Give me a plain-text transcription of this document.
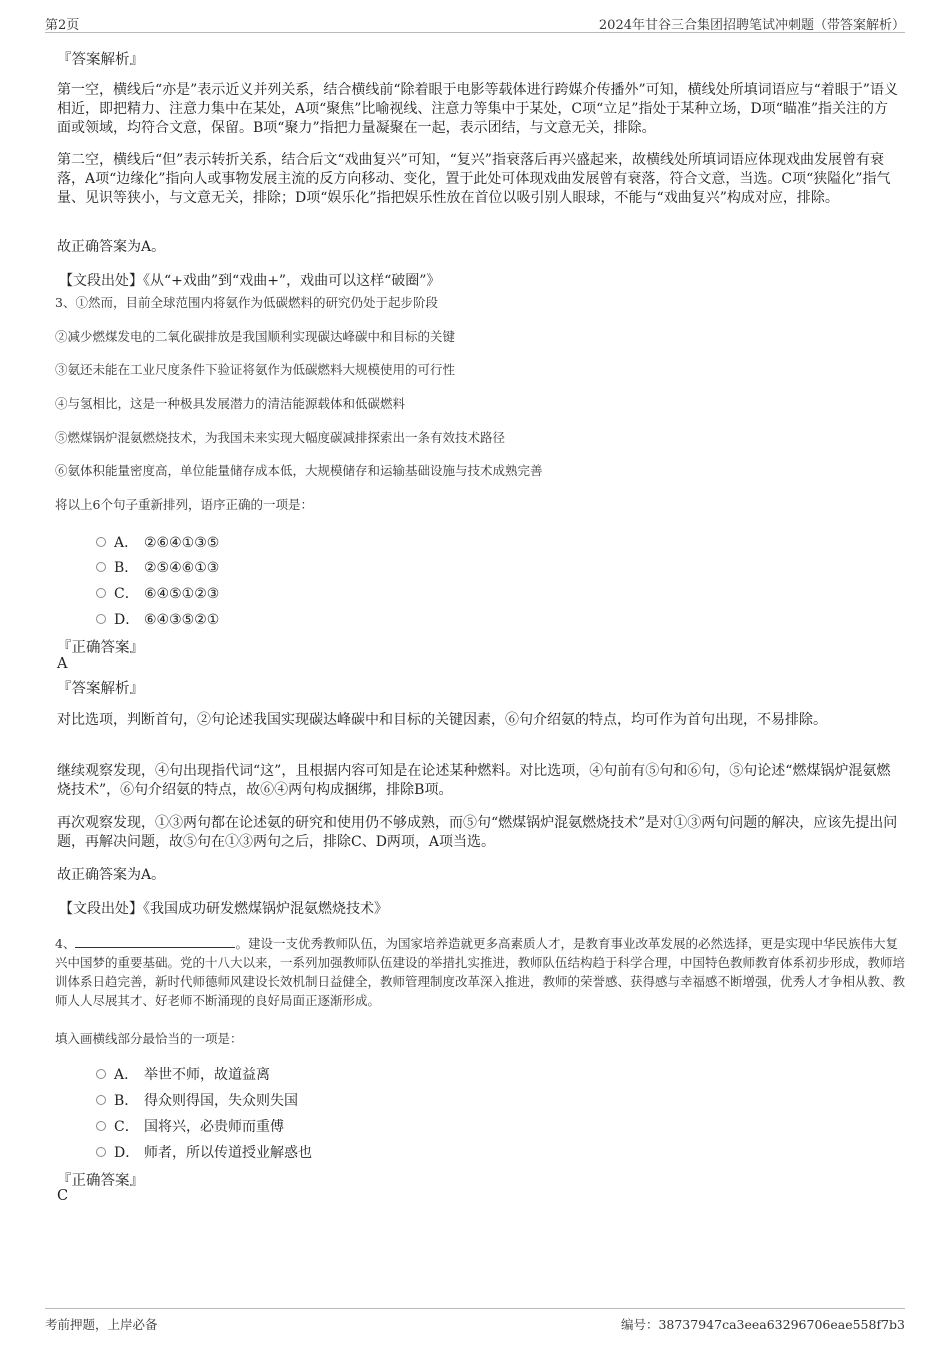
第2页	2024年甘谷三合集团招聘笔试冲刺题（带答案解析）
『答案解析』
第一空，横线后“亦是”表示近义并列关系，结合横线前“除着眼于电影等载体进行跨媒介传播外”可知，横线处所填词语应与“着眼于”语义相近，即把精力、注意力集中在某处，A项“聚焦”比喻视线、注意力等集中于某处，C项“立足”指处于某种立场，D项“瞄准”指关注的方面或领域，均符合文意，保留。B项“聚力”指把力量凝聚在一起，表示团结，与文意无关，排除。
第二空，横线后“但”表示转折关系，结合后文“戏曲复兴”可知，“复兴”指衰落后再兴盛起来，故横线处所填词语应体现戏曲发展曾有衰落，A项“边缘化”指向人或事物发展主流的反方向移动、变化，置于此处可体现戏曲发展曾有衰落，符合文意，当选。C项“狭隘化”指气量、见识等狭小，与文意无关，排除；D项“娱乐化”指把娱乐性放在首位以吸引别人眼球，不能与“戏曲复兴”构成对应，排除。
故正确答案为A。
【文段出处】《从“+戏曲”到“戏曲+”，戏曲可以这样“破圈”》
3、①然而，目前全球范围内将氨作为低碳燃料的研究仍处于起步阶段
②减少燃煤发电的二氧化碳排放是我国顺利实现碳达峰碳中和目标的关键
③氨还未能在工业尺度条件下验证将氨作为低碳燃料大规模使用的可行性
④与氢相比，这是一种极具发展潜力的清洁能源载体和低碳燃料
⑤燃煤锅炉混氨燃烧技术，为我国未来实现大幅度碳减排探索出一条有效技术路径
⑥氨体积能量密度高，单位能量储存成本低，大规模储存和运输基础设施与技术成熟完善
将以上6个句子重新排列，语序正确的一项是：
A． ②⑥④①③⑤
B． ②⑤④⑥①③
C． ⑥④⑤①②③
D． ⑥④③⑤②①
『正确答案』
A
『答案解析』
对比选项，判断首句，②句论述我国实现碳达峰碳中和目标的关键因素，⑥句介绍氨的特点，均可作为首句出现，不易排除。
继续观察发现，④句出现指代词“这”，且根据内容可知是在论述某种燃料。对比选项，④句前有⑤句和⑥句，⑤句论述“燃煤锅炉混氨燃烧技术”，⑥句介绍氨的特点，故⑥④两句构成捆绑，排除B项。
再次观察发现，①③两句都在论述氨的研究和使用仍不够成熟，而⑤句“燃煤锅炉混氨燃烧技术”是对①③两句问题的解决，应该先提出问题，再解决问题，故⑤句在①③两句之后，排除C、D两项，A项当选。
故正确答案为A。
【文段出处】《我国成功研发燃煤锅炉混氨燃烧技术》
4、	。建设一支优秀教师队伍，为国家培养造就更多高素质人才，是教育事业改革发展的必然选择，更是实现中华民族伟大复兴中国梦的重要基础。党的十八大以来，一系列加强教师队伍建设的举措扎实推进，教师队伍结构趋于科学合理，中国特色教师教育体系初步形成，教师培训体系日趋完善，新时代师德师风建设长效机制日益健全，教师管理制度改革深入推进，教师的荣誉感、获得感与幸福感不断增强，优秀人才争相从教、教师人人尽展其才、好老师不断涌现的良好局面正逐渐形成。
填入画横线部分最恰当的一项是：
A． 举世不师，故道益离
B． 得众则得国，失众则失国
C． 国将兴，必贵师而重傅
D． 师者，所以传道授业解惑也
『正确答案』
C
考前押题，上岸必备	编号：38737947ca3eea63296706eae558f7b3
